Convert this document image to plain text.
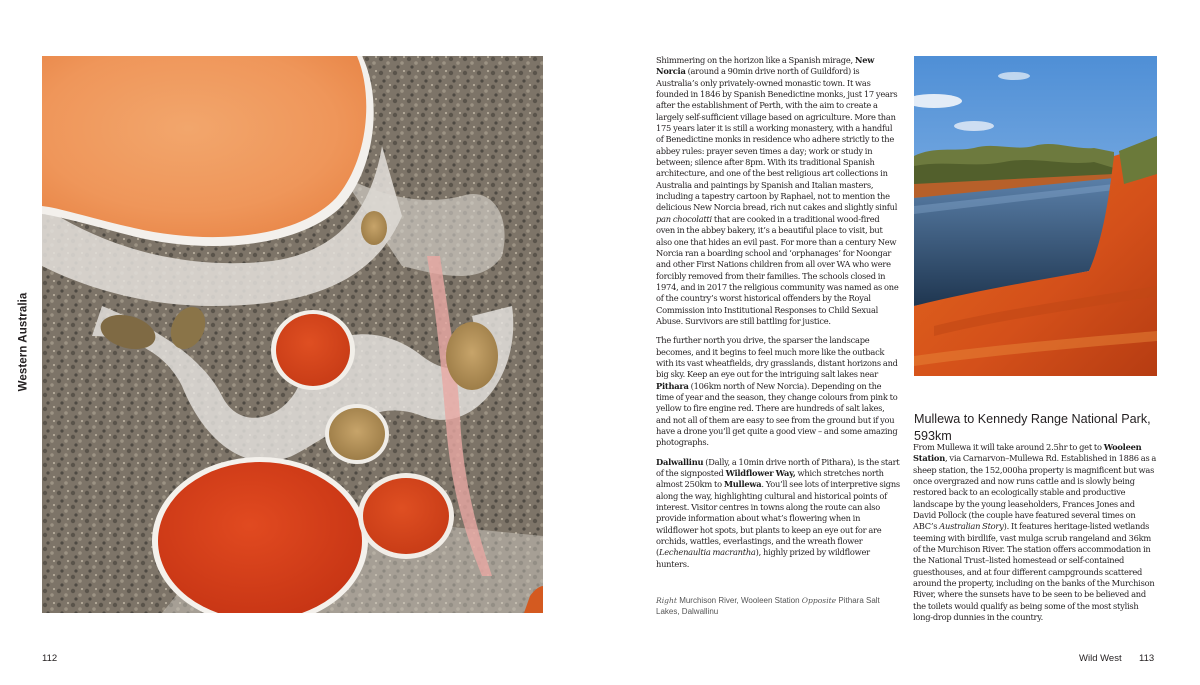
Western Australia

Shimmering on the horizon like a Spanish mirage, New Norcia (around a 90min drive north of Guildford) is Australia’s only privately-owned monastic town. It was founded in 1846 by Spanish Benedictine monks, just 17 years after the establishment of Perth, with the aim to create a largely self-sufficient village based on agriculture. More than 175 years later it is still a working monastery, with a handful of Benedictine monks in residence who adhere strictly to the abbey rules: prayer seven times a day; work or study in between; silence after 8pm. With its traditional Spanish architecture, and one of the best religious art collections in Australia and paintings by Spanish and Italian masters, including a tapestry cartoon by Raphael, not to mention the delicious New Norcia bread, rich nut cakes and slightly sinful pan chocolatti that are cooked in a traditional wood-fired oven in the abbey bakery, it’s a beautiful place to visit, but also one that hides an evil past. For more than a century New Norcia ran a boarding school and ‘orphanages’ for Noongar and other First Nations children from all over WA who were forcibly removed from their families. The schools closed in 1974, and in 2017 the religious community was named as one of the country’s worst historical offenders by the Royal Commission into Institutional Responses to Child Sexual Abuse. Survivors are still battling for justice.

The further north you drive, the sparser the landscape becomes, and it begins to feel much more like the outback with its vast wheatfields, dry grasslands, distant horizons and big sky. Keep an eye out for the intriguing salt lakes near Pithara (106km north of New Norcia). Depending on the time of year and the season, they change colours from pink to yellow to fire engine red. There are hundreds of salt lakes, and not all of them are easy to see from the ground but if you have a drone you’ll get quite a good view – and some amazing photographs.

Dalwallinu (Dally, a 10min drive north of Pithara), is the start of the signposted Wildflower Way, which stretches north almost 250km to Mullewa. You’ll see lots of interpretive signs along the way, highlighting cultural and historical points of interest. Visitor centres in towns along the route can also provide information about what’s flowering when in wildflower hot spots, but plants to keep an eye out for are orchids, wattles, everlastings, and the wreath flower (Lechenaultia macrantha), highly prized by wildflower hunters.

Right Murchison River, Wooleen Station Opposite Pithara Salt Lakes, Dalwallinu
Mullewa to Kennedy Range National Park, 593km

From Mullewa it will take around 2.5hr to get to Wooleen Station, via Carnarvon–Mullewa Rd. Established in 1886 as a sheep station, the 152,000ha property is magnificent but was once overgrazed and now runs cattle and is slowly being restored back to an ecologically stable and productive landscape by the young leaseholders, Frances Jones and David Pollock (the couple have featured several times on ABC’s Australian Story). It features heritage-listed wetlands teeming with birdlife, vast mulga scrub rangeland and 36km of the Murchison River. The station offers accommodation in the National Trust–listed homestead or self-contained guesthouses, and at four different campgrounds scattered around the property, including on the banks of the Murchison River, where the sunsets have to be seen to be believed and the toilets would qualify as being some of the most stylish long-drop dunnies in the country.

112	Wild West 113
